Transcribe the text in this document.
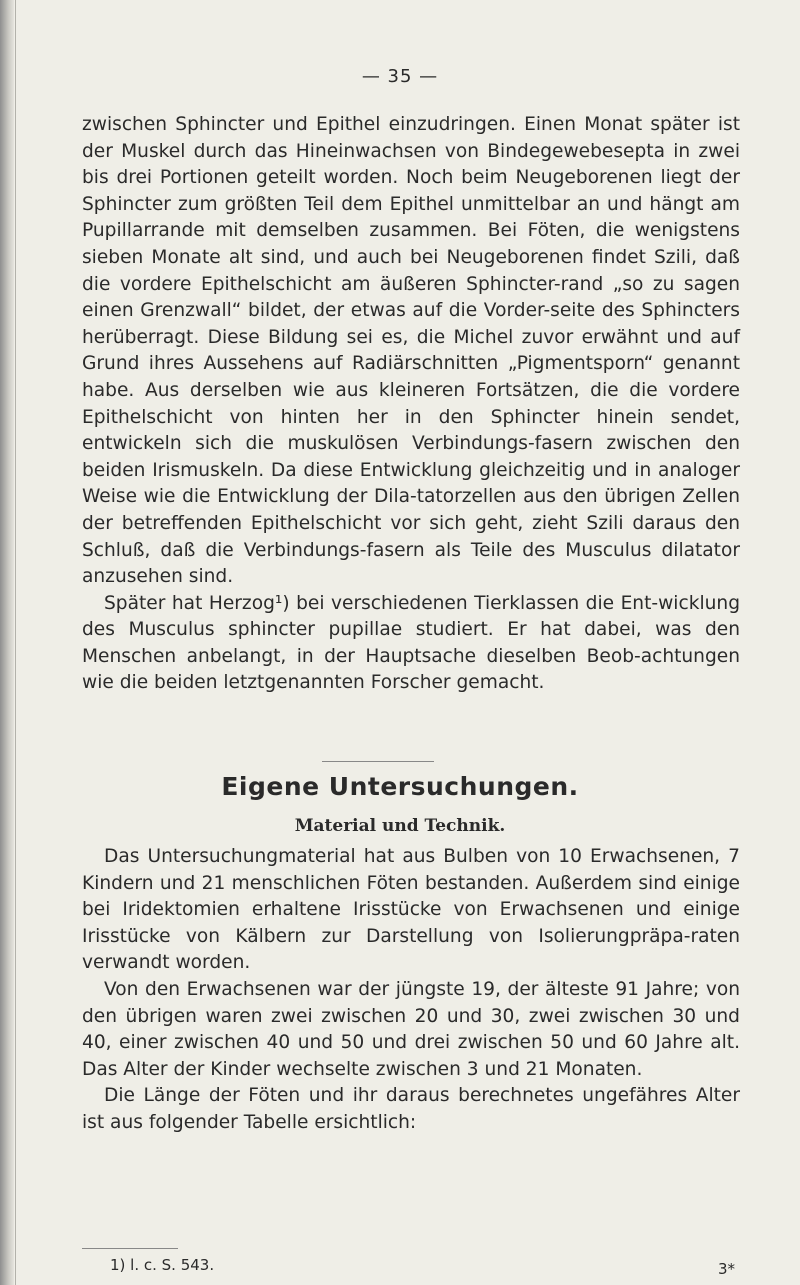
— 35 —

zwischen Sphincter und Epithel einzudringen. Einen Monat später ist der Muskel durch das Hineinwachsen von Bindegewebesepta in zwei bis drei Portionen geteilt worden. Noch beim Neugeborenen liegt der Sphincter zum größten Teil dem Epithel unmittelbar an und hängt am Pupillarrande mit demselben zusammen. Bei Föten, die wenigstens sieben Monate alt sind, und auch bei Neugeborenen findet Szili, daß die vordere Epithelschicht am äußeren Sphincter-rand „so zu sagen einen Grenzwall“ bildet, der etwas auf die Vorder-seite des Sphincters herüberragt. Diese Bildung sei es, die Michel zuvor erwähnt und auf Grund ihres Aussehens auf Radiärschnitten „Pigmentsporn“ genannt habe. Aus derselben wie aus kleineren Fortsätzen, die die vordere Epithelschicht von hinten her in den Sphincter hinein sendet, entwickeln sich die muskulösen Verbindungs-fasern zwischen den beiden Irismuskeln. Da diese Entwicklung gleichzeitig und in analoger Weise wie die Entwicklung der Dila-tatorzellen aus den übrigen Zellen der betreffenden Epithelschicht vor sich geht, zieht Szili daraus den Schluß, daß die Verbindungs-fasern als Teile des Musculus dilatator anzusehen sind.

Später hat Herzog¹) bei verschiedenen Tierklassen die Ent-wicklung des Musculus sphincter pupillae studiert. Er hat dabei, was den Menschen anbelangt, in der Hauptsache dieselben Beob-achtungen wie die beiden letztgenannten Forscher gemacht.

Eigene Untersuchungen.
Material und Technik.

Das Untersuchungmaterial hat aus Bulben von 10 Erwachsenen, 7 Kindern und 21 menschlichen Föten bestanden. Außerdem sind einige bei Iridektomien erhaltene Irisstücke von Erwachsenen und einige Irisstücke von Kälbern zur Darstellung von Isolierungpräpa-raten verwandt worden.

Von den Erwachsenen war der jüngste 19, der älteste 91 Jahre; von den übrigen waren zwei zwischen 20 und 30, zwei zwischen 30 und 40, einer zwischen 40 und 50 und drei zwischen 50 und 60 Jahre alt. Das Alter der Kinder wechselte zwischen 3 und 21 Monaten.

Die Länge der Föten und ihr daraus berechnetes ungefähres Alter ist aus folgender Tabelle ersichtlich:

1) l. c. S. 543.	3*
